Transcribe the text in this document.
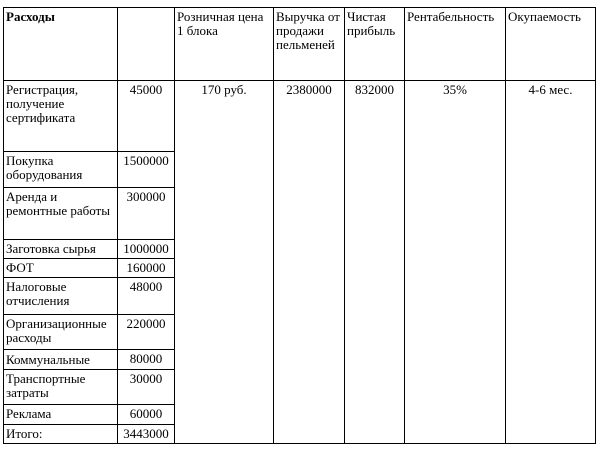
Расходы		Розничная цена 1 блока	Выручка от продажи пельменей	Чистая прибыль	Рентабельность	Окупаемость
Регистрация, получение сертификата	45000	170 руб.	2380000	832000	35%	4-6 мес.
Покупка оборудования	1500000					
Аренда и ремонтные работы	300000					
Заготовка сырья	1000000					
ФОТ	160000					
Налоговые отчисления	48000					
Организационные расходы	220000					
Коммунальные	80000					
Транспортные затраты	30000					
Реклама	60000					
Итого:	3443000					
